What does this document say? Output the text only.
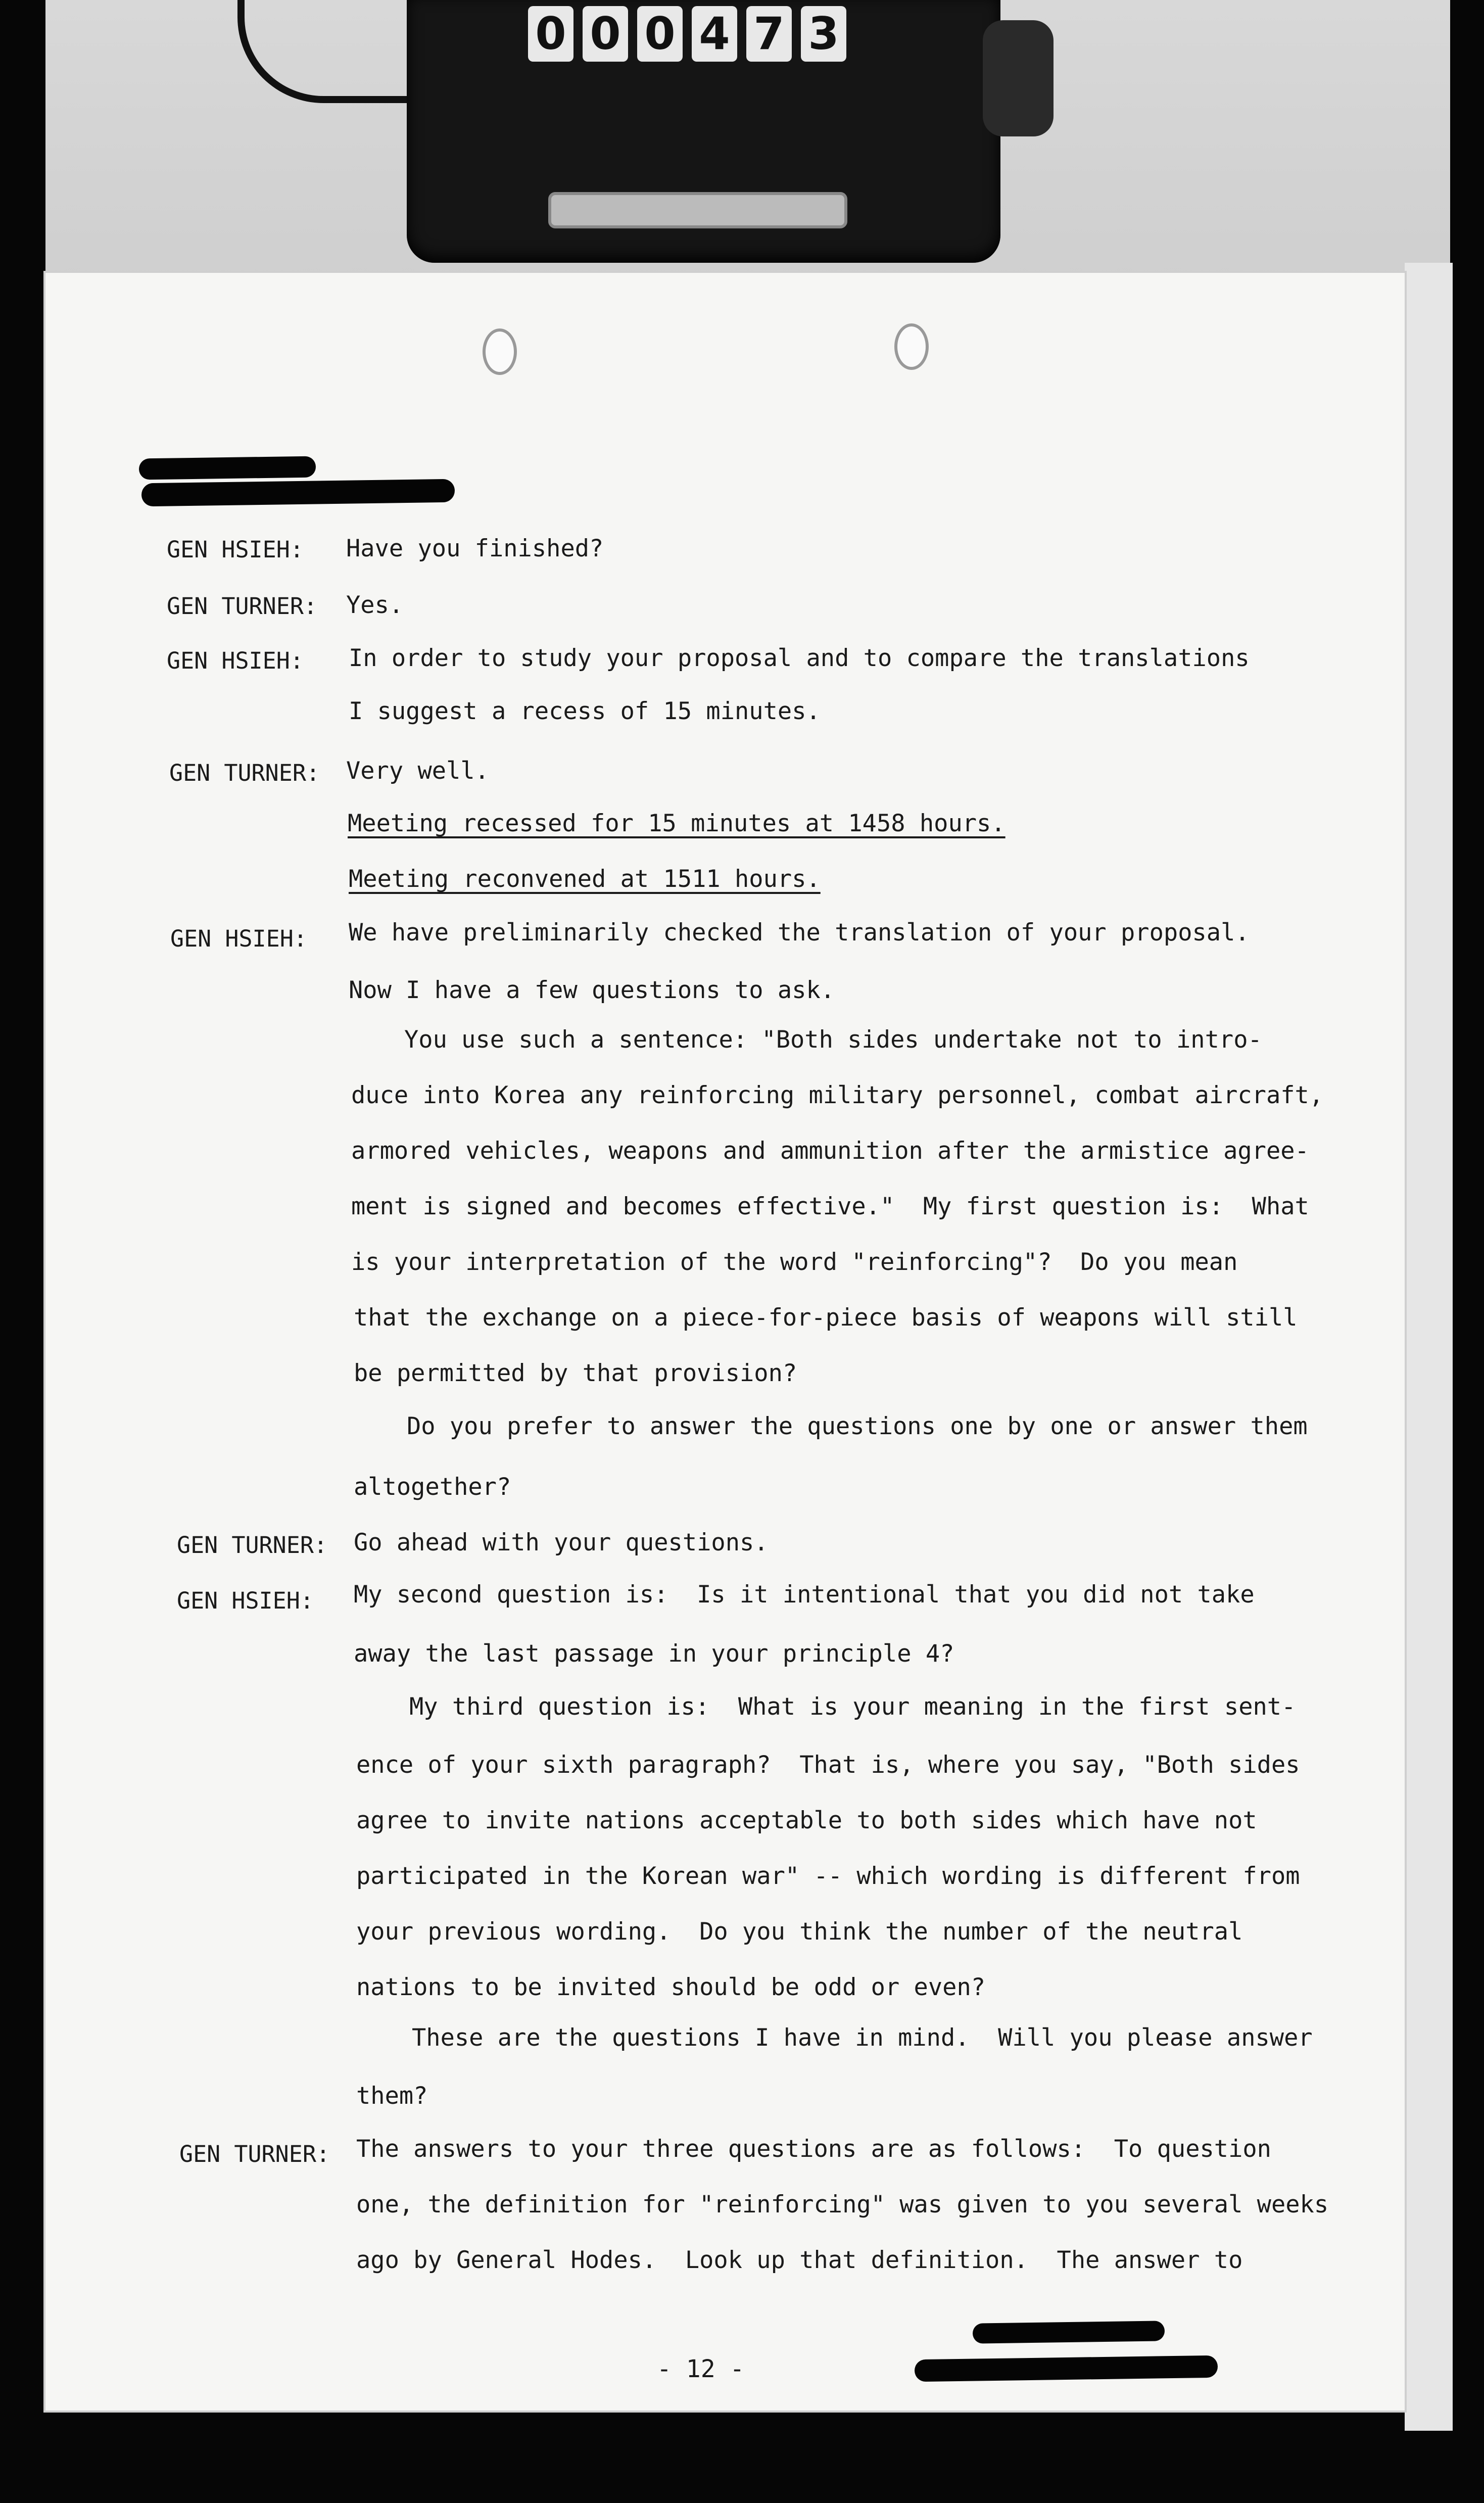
0 0 0 4 7 3
GEN HSIEH: Have you finished?
GEN TURNER: Yes.
GEN HSIEH: In order to study your proposal and to compare the translations
I suggest a recess of 15 minutes.
GEN TURNER: Very well.
Meeting recessed for 15 minutes at 1458 hours.
Meeting reconvened at 1511 hours.
GEN HSIEH: We have preliminarily checked the translation of your proposal.
Now I have a few questions to ask.
You use such a sentence: "Both sides undertake not to intro-
duce into Korea any reinforcing military personnel, combat aircraft,
armored vehicles, weapons and ammunition after the armistice agree-
ment is signed and becomes effective."  My first question is:  What
is your interpretation of the word "reinforcing"?  Do you mean
that the exchange on a piece-for-piece basis of weapons will still
be permitted by that provision?
Do you prefer to answer the questions one by one or answer them
altogether?
GEN TURNER: Go ahead with your questions.
GEN HSIEH: My second question is:  Is it intentional that you did not take
away the last passage in your principle 4?
My third question is:  What is your meaning in the first sent-
ence of your sixth paragraph?  That is, where you say, "Both sides
agree to invite nations acceptable to both sides which have not
participated in the Korean war" -- which wording is different from
your previous wording.  Do you think the number of the neutral
nations to be invited should be odd or even?
These are the questions I have in mind.  Will you please answer
them?
GEN TURNER: The answers to your three questions are as follows:  To question
one, the definition for "reinforcing" was given to you several weeks
ago by General Hodes.  Look up that definition.  The answer to
- 12 -
